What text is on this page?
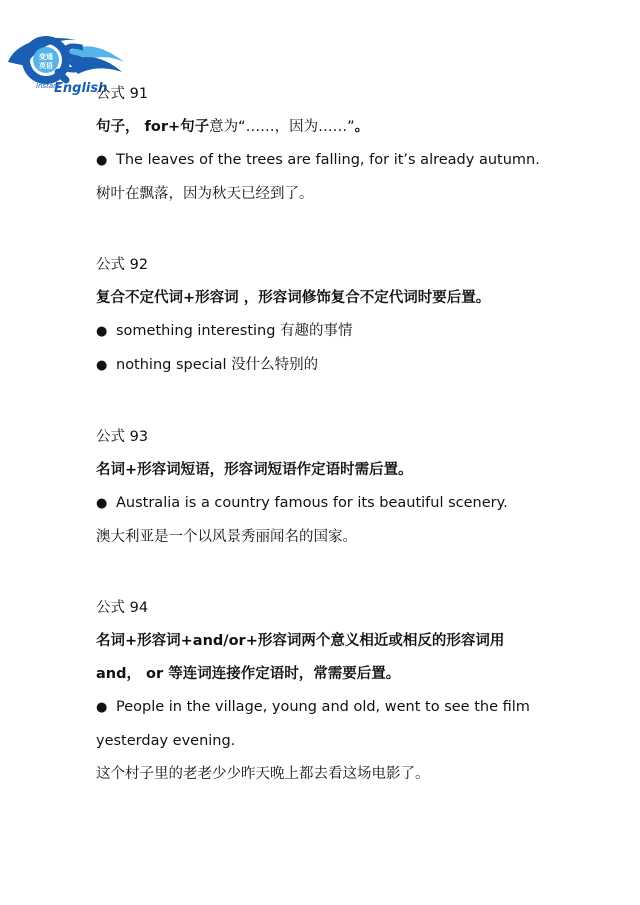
S
变通
英语
Instant
English

公式 91

句子， for+句子意为“……，因为……”。

● The leaves of the trees are falling, for it’s already autumn.

树叶在飘落，因为秋天已经到了。

公式 92

复合不定代词+形容词 ，形容词修饰复合不定代词时要后置。

● something interesting 有趣的事情

● nothing special 没什么特别的

公式 93

名词+形容词短语，形容词短语作定语时需后置。

● Australia is a country famous for its beautiful scenery.

澳大利亚是一个以风景秀丽闻名的国家。

公式 94

名词+形容词+and/or+形容词两个意义相近或相反的形容词用

and， or 等连词连接作定语时，常需要后置。

● People in the village, young and old, went to see the film

yesterday evening.

这个村子里的老老少少昨天晚上都去看这场电影了。
